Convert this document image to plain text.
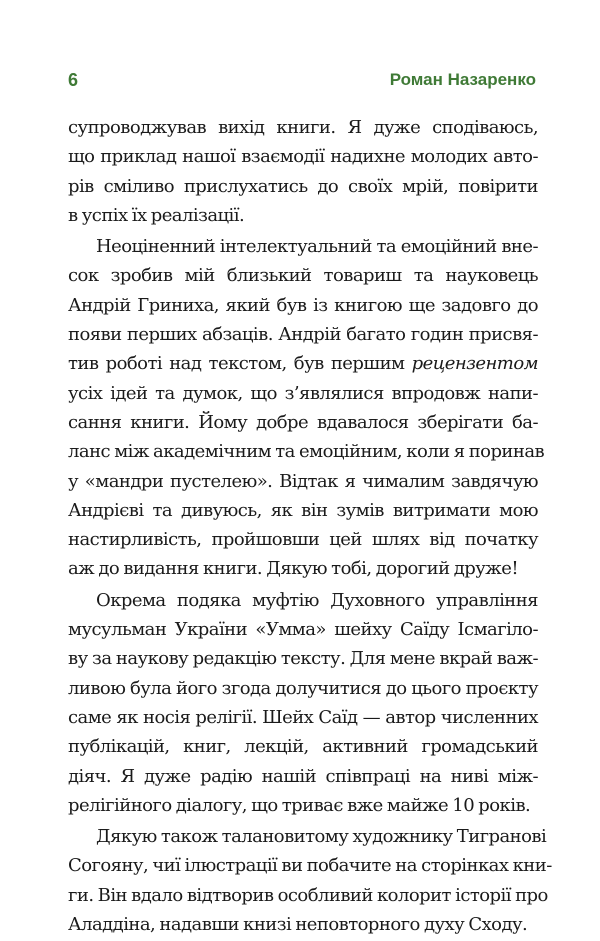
6	Роман Назаренко
супроводжував вихід книги. Я дуже сподіваюсь,
що приклад нашої взаємодії надихне молодих авто-
рів сміливо прислухатись до своїх мрій, повірити
в успіх їх реалізації.
Неоціненний інтелектуальний та емоційний вне-
сок зробив мій близький товариш та науковець
Андрій Гриниха, який був із книгою ще задовго до
появи перших абзаців. Андрій багато годин присвя-
тив роботі над текстом, був першим рецензентом
усіх ідей та думок, що з’являлися впродовж напи-
сання книги. Йому добре вдавалося зберігати ба-
ланс між академічним та емоційним, коли я поринав
у «мандри пустелею». Відтак я чималим завдячую
Андрієві та дивуюсь, як він зумів витримати мою
настирливість, пройшовши цей шлях від початку
аж до видання книги. Дякую тобі, дорогий друже!
Окрема подяка муфтію Духовного управління
мусульман України «Умма» шейху Саїду Ісмагіло-
ву за наукову редакцію тексту. Для мене вкрай важ-
ливою була його згода долучитися до цього проєкту
саме як носія релігії. Шейх Саїд — автор численних
публікацій, книг, лекцій, активний громадський
діяч. Я дуже радію нашій співпраці на ниві між-
релігійного діалогу, що триває вже майже 10 років.
Дякую також талановитому художнику Тигранові
Согояну, чиї ілюстрації ви побачите на сторінках кни-
ги. Він вдало відтворив особливий колорит історії про
Аладдіна, надавши книзі неповторного духу Сходу.
